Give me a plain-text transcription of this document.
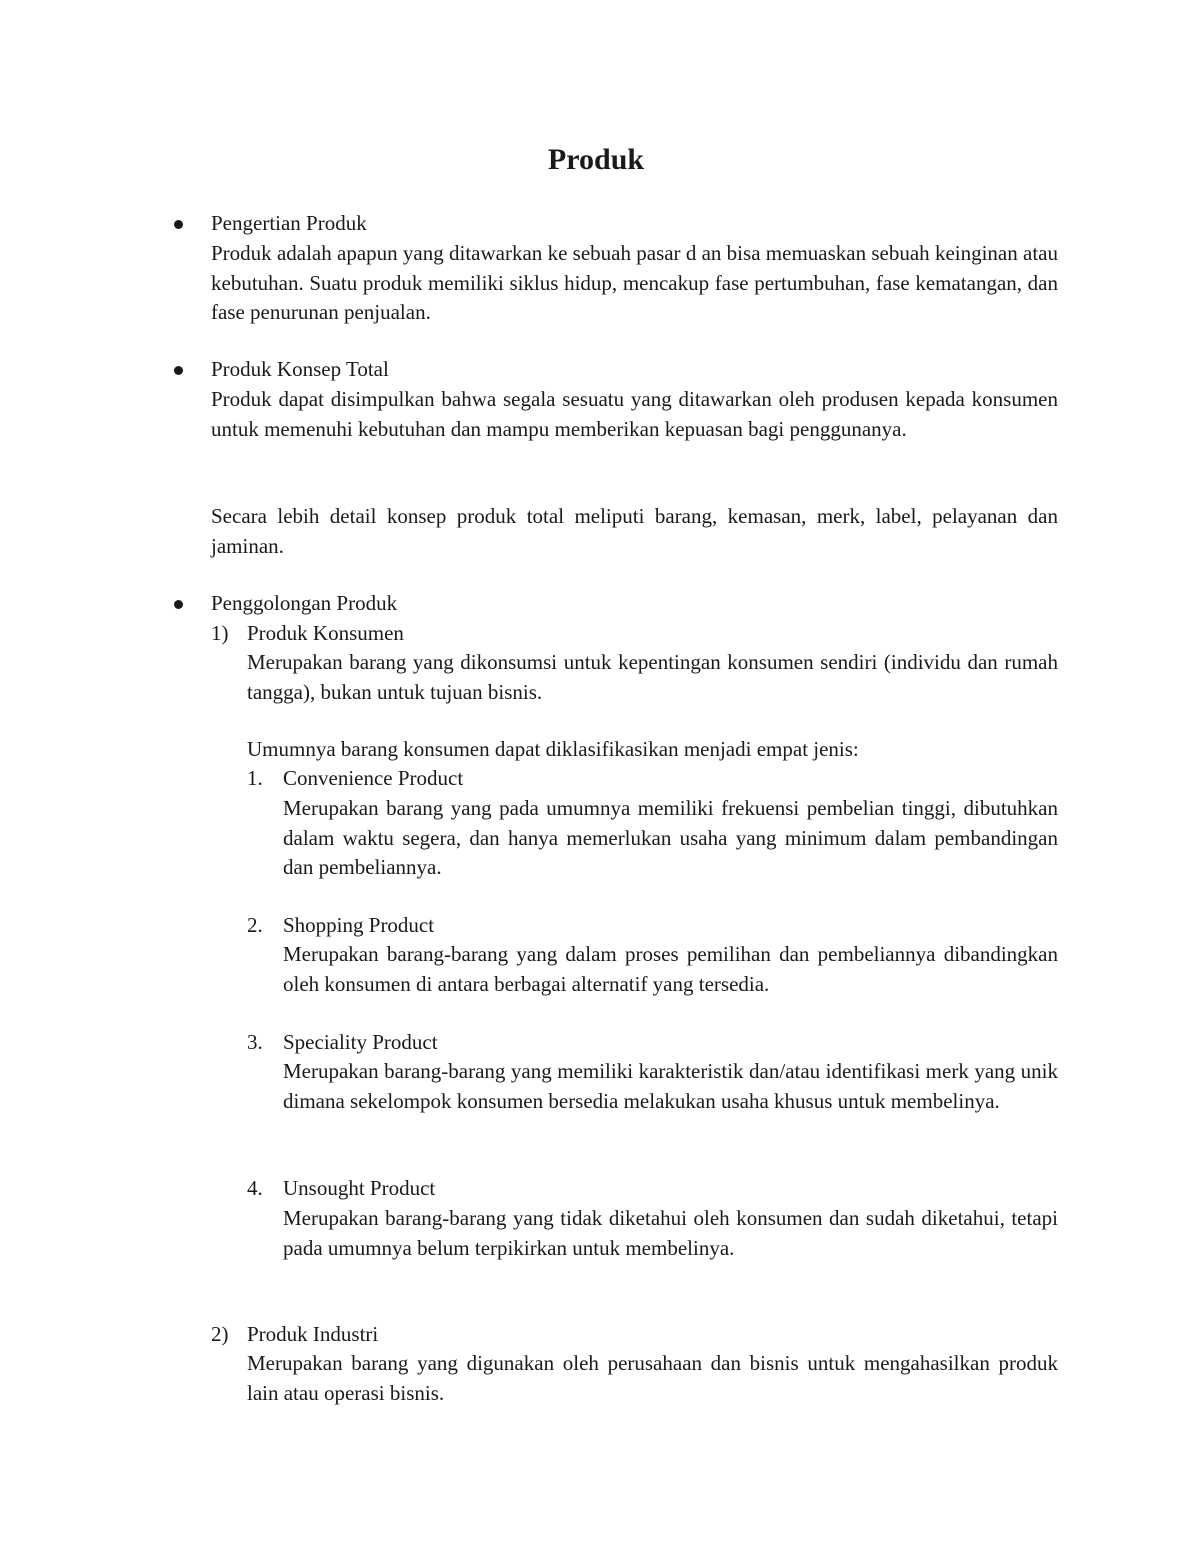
Produk
Pengertian Produk
Produk adalah apapun yang ditawarkan ke sebuah pasar d an bisa memuaskan sebuah keinginan atau kebutuhan. Suatu produk memiliki siklus hidup, mencakup fase pertumbuhan, fase kematangan, dan fase penurunan penjualan.
Produk Konsep Total
Produk dapat disimpulkan bahwa segala sesuatu yang ditawarkan oleh produsen kepada konsumen untuk memenuhi kebutuhan dan mampu memberikan kepuasan bagi penggunanya.
Secara lebih detail konsep produk total meliputi barang, kemasan, merk, label, pelayanan dan jaminan.
Penggolongan Produk
1) Produk Konsumen
Merupakan barang yang dikonsumsi untuk kepentingan konsumen sendiri (individu dan rumah tangga), bukan untuk tujuan bisnis.
Umumnya barang konsumen dapat diklasifikasikan menjadi empat jenis:
1. Convenience Product
Merupakan barang yang pada umumnya memiliki frekuensi pembelian tinggi, dibutuhkan dalam waktu segera, dan hanya memerlukan usaha yang minimum dalam pembandingan dan pembeliannya.
2. Shopping Product
Merupakan barang-barang yang dalam proses pemilihan dan pembeliannya dibandingkan oleh konsumen di antara berbagai alternatif yang tersedia.
3. Speciality Product
Merupakan barang-barang yang memiliki karakteristik dan/atau identifikasi merk yang unik dimana sekelompok konsumen bersedia melakukan usaha khusus untuk membelinya.
4. Unsought Product
Merupakan barang-barang yang tidak diketahui oleh konsumen dan sudah diketahui, tetapi pada umumnya belum terpikirkan untuk membelinya.
2) Produk Industri
Merupakan barang yang digunakan oleh perusahaan dan bisnis untuk mengahasilkan produk lain atau operasi bisnis.
